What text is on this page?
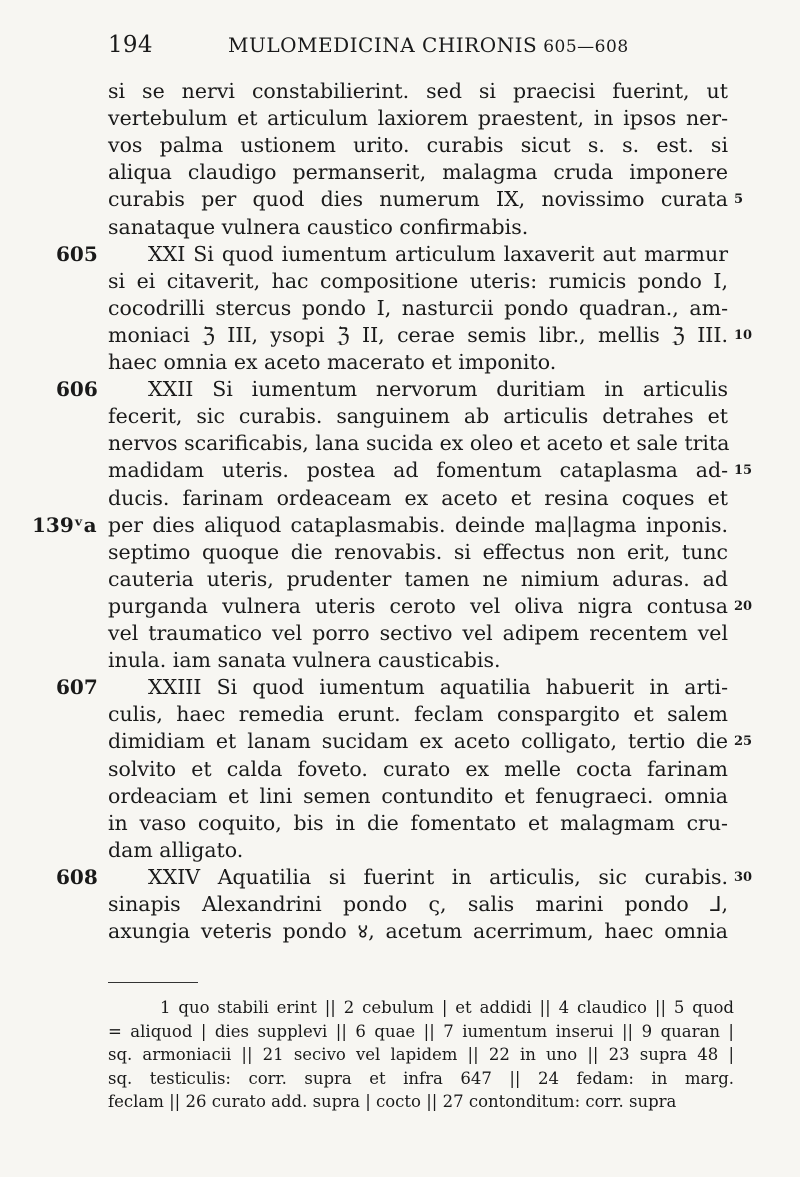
194	MULOMEDICINA CHIRONIS 605—608
si se nervi constabilierint. sed si praecisi fuerint, ut
vertebulum et articulum laxiorem praestent, in ipsos ner-
vos palma ustionem urito. curabis sicut s. s. est. si
aliqua claudigo permanserit, malagma cruda imponere
curabis per quod dies numerum IX, novissimo curata 5
sanataque vulnera caustico confirmabis.
XXI Si quod iumentum articulum laxaverit aut marmur
605
si ei citaverit, hac compositione uteris: rumicis pondo I,
cocodrilli stercus pondo I, nasturcii pondo quadran., am-
moniaci ℨ III, ysopi ℨ II, cerae semis libr., mellis ℨ III. 10
haec omnia ex aceto macerato et imponito.
XXII Si iumentum nervorum duritiam in articulis
606
fecerit, sic curabis. sanguinem ab articulis detrahes et
nervos scarificabis, lana sucida ex oleo et aceto et sale trita
madidam uteris. postea ad fomentum cataplasma ad- 15
ducis. farinam ordeaceam ex aceto et resina coques et
per dies aliquod cataplasmabis. deinde ma|lagma inponis.
139ᵛa
septimo quoque die renovabis. si effectus non erit, tunc
cauteria uteris, prudenter tamen ne nimium aduras. ad
purganda vulnera uteris ceroto vel oliva nigra contusa 20
vel traumatico vel porro sectivo vel adipem recentem vel
inula. iam sanata vulnera causticabis.
XXIII Si quod iumentum aquatilia habuerit in arti-
607
culis, haec remedia erunt. feclam conspargito et salem
dimidiam et lanam sucidam ex aceto colligato, tertio die 25
solvito et calda foveto. curato ex melle cocta farinam
ordeaciam et lini semen contundito et fenugraeci. omnia
in vaso coquito, bis in die fomentato et malagmam cru-
dam alligato.
XXIV Aquatilia si fuerint in articulis, sic curabis.
608	30
sinapis Alexandrini pondo ς, salis marini pondo ⅃,
axungia veteris pondo ४, acetum acerrimum, haec omnia
1 quo stabili erint || 2 cebulum | et addidi || 4 claudico || 5 quod
= aliquod | dies supplevi || 6 quae || 7 iumentum inserui || 9 quaran |
sq. armoniacii || 21 secivo vel lapidem || 22 in uno || 23 supra 48 |
sq. testiculis: corr. supra et infra 647 || 24 fedam: in marg.
feclam || 26 curato add. supra | cocto || 27 contonditum: corr. supra
